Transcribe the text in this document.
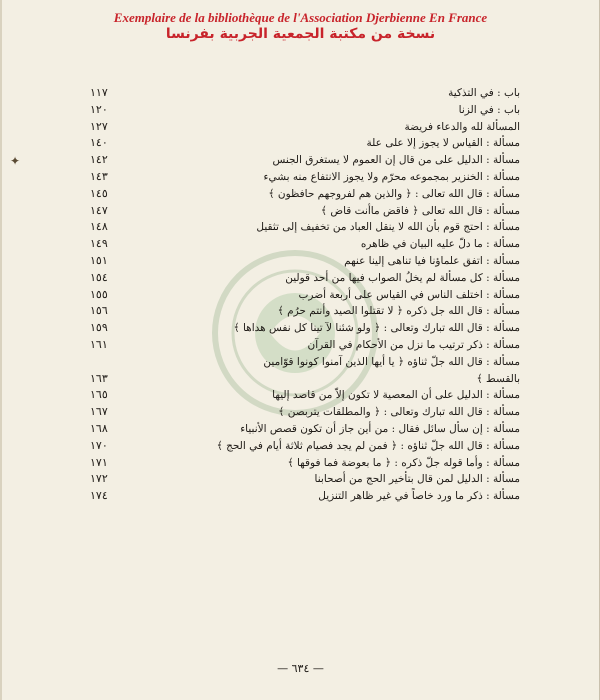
Exemplaire de la bibliothèque de l'Association Djerbienne En France
نسخة من مكتبة الجمعية الجربية بفرنسا
✦
باب : في التذكية
١١٧
باب : في الزنا
١٢٠
المسألة لله والدعاء فريضة
١٢٧
مسألة : القياس لا يجوز إلا على علة
١٤٠
مسألة : الدليل على من قال إن العموم لا يستغرق الجنس
١٤٢
مسألة : الخنزير بمجموعه محرّم ولا يجوز الانتفاع منه بشيء
١٤٣
مسألة : قال الله تعالى : ﴿ والذين هم لفروجهم حافظون ﴾
١٤٥
مسألة : قال الله تعالى ﴿ فاقض ماأنت قاض ﴾
١٤٧
مسألة : احتج قوم بأن الله لا ينقل العباد من تخفيف إلى تثقيل
١٤٨
مسألة : ما دلّ عليه البيان في ظاهره
١٤٩
مسألة : اتفق علماؤنا فيا تناهى إلينا عنهم
١٥١
مسألة : كل مسألة لم يخلُ الصواب فيها من أحد قولين
١٥٤
مسألة : اختلف الناس في القياس على أربعة أضرب
١٥٥
مسألة : قال الله جل ذكره ﴿ لا تقتلوا الصيد وأنتم حرُم ﴾
١٥٦
مسألة : قال الله تبارك وتعالى : ﴿ ولو شئنا لآ تينا كل نفس هداها ﴾
١٥٩
مسألة : ذكر ترتيب ما نزل من الأحكام في القرآن
١٦١
مسألة : قال الله جلّ ثناؤه ﴿ يا أيها الذين آمنوا كونوا قوّامين
بالقسط ﴾
١٦٣
مسألة : الدليل على أن المعصية لا تكون إلاّ من قاصد إليها
١٦٥
مسألة : قال الله تبارك وتعالى : ﴿ والمطلقات يتربصن ﴾
١٦٧
مسألة : إن سأل سائل فقال : من أين جاز أن تكون قصص الأنبياء
١٦٨
مسألة : قال الله جلّ ثناؤه : ﴿ فمن لم يجد فصيام ثلاثة أيام في الحج ﴾
١٧٠
مسألة : وأما قوله جلّ ذكره : ﴿ ما بعوضة فما فوقها ﴾
١٧١
مسألة : الدليل لمن قال بتأخير الحج من أصحابنا
١٧٢
مسألة : ذكر ما ورد خاصاً في غير ظاهر التنزيل
١٧٤
— ٦٣٤ —
